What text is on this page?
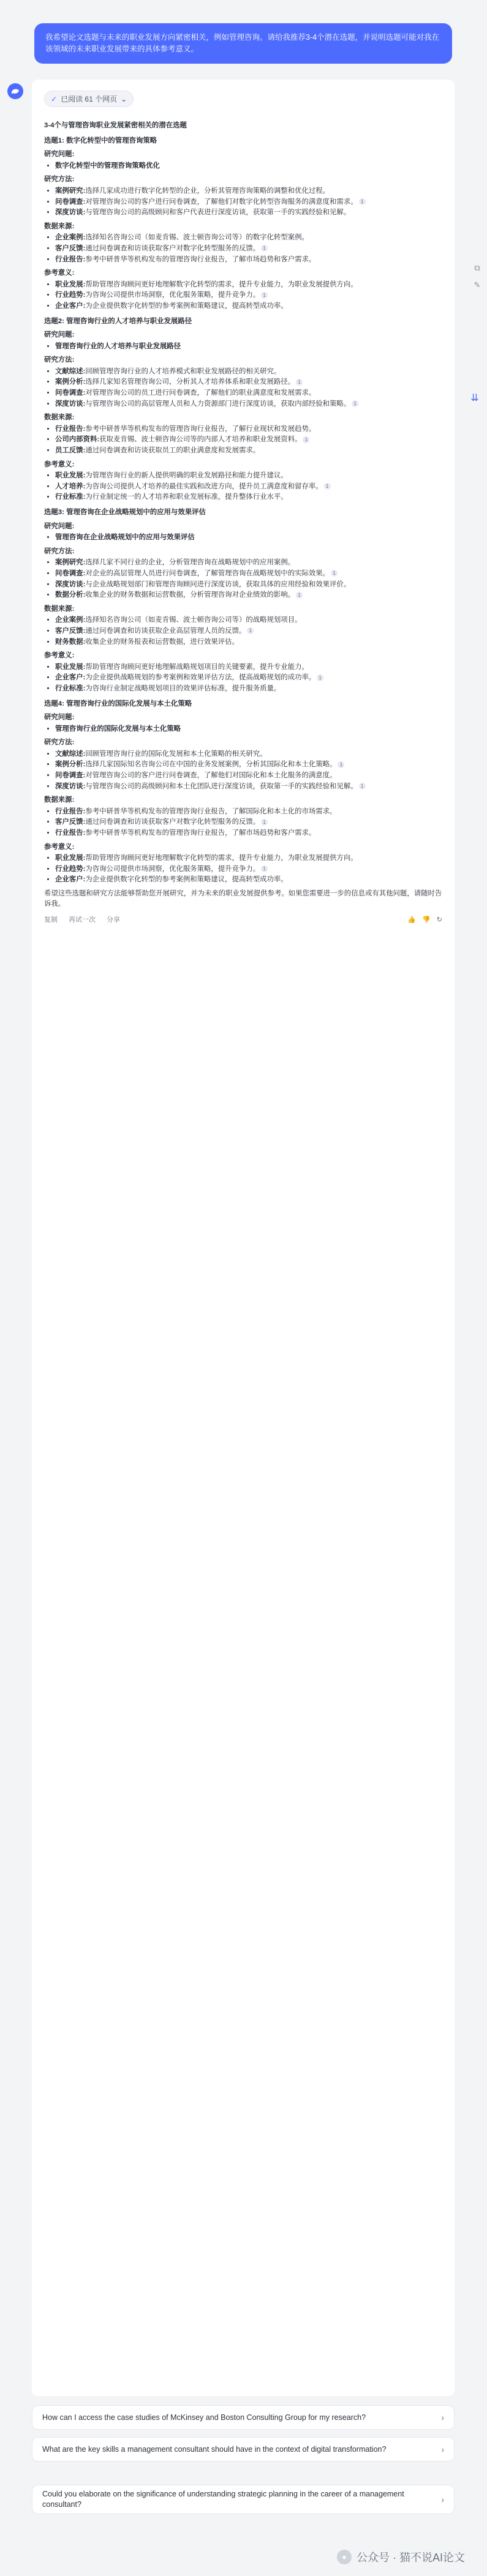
我希望论文选题与未来的职业发展方向紧密相关，例如管理咨询。请给我推荐3-4个潜在选题，并说明选题可能对我在该领域的未来职业发展带来的具体参考意义。
⧉
✎
⇊
✓ 已阅读 61 个网页 ⌄
3-4个与管理咨询职业发展紧密相关的潜在选题
选题1: 数字化转型中的管理咨询策略
研究问题:
• 数字化转型中的管理咨询策略优化
研究方法:
• 案例研究:选择几家成功进行数字化转型的企业，分析其管理咨询策略的调整和优化过程。
• 问卷调查:对管理咨询公司的客户进行问卷调查，了解他们对数字化转型咨询服务的满意度和需求。 1
• 深度访谈:与管理咨询公司的高级顾问和客户代表进行深度访谈，获取第一手的实践经验和见解。
数据来源:
• 企业案例:选择知名咨询公司（如麦肯锡、波士顿咨询公司等）的数字化转型案例。
• 客户反馈:通过问卷调查和访谈获取客户对数字化转型服务的反馈。 1
• 行业报告:参考中研普华等机构发布的管理咨询行业报告，了解市场趋势和客户需求。
参考意义:
• 职业发展:帮助管理咨询顾问更好地理解数字化转型的需求，提升专业能力，为职业发展提供方向。
• 行业趋势:为咨询公司提供市场洞察，优化服务策略，提升竞争力。 1
• 企业客户:为企业提供数字化转型的参考案例和策略建议，提高转型成功率。
选题2: 管理咨询行业的人才培养与职业发展路径
研究问题:
• 管理咨询行业的人才培养与职业发展路径
研究方法:
• 文献综述:回顾管理咨询行业的人才培养模式和职业发展路径的相关研究。
• 案例分析:选择几家知名管理咨询公司，分析其人才培养体系和职业发展路径。 1
• 问卷调查:对管理咨询公司的员工进行问卷调查，了解他们的职业满意度和发展需求。
• 深度访谈:与管理咨询公司的高层管理人员和人力资源部门进行深度访谈，获取内部经验和策略。 1
数据来源:
• 行业报告:参考中研普华等机构发布的管理咨询行业报告，了解行业现状和发展趋势。
• 公司内部资料:获取麦肯锡、波士顿咨询公司等的内部人才培养和职业发展资料。 1
• 员工反馈:通过问卷调查和访谈获取员工的职业满意度和发展需求。
参考意义:
• 职业发展:为管理咨询行业的新人提供明确的职业发展路径和能力提升建议。
• 人才培养:为咨询公司提供人才培养的最佳实践和改进方向，提升员工满意度和留存率。 1
• 行业标准:为行业制定统一的人才培养和职业发展标准，提升整体行业水平。
选题3: 管理咨询在企业战略规划中的应用与效果评估
研究问题:
• 管理咨询在企业战略规划中的应用与效果评估
研究方法:
• 案例研究:选择几家不同行业的企业，分析管理咨询在战略规划中的应用案例。
• 问卷调查:对企业的高层管理人员进行问卷调查，了解管理咨询在战略规划中的实际效果。 1
• 深度访谈:与企业战略规划部门和管理咨询顾问进行深度访谈，获取具体的应用经验和效果评价。
• 数据分析:收集企业的财务数据和运营数据，分析管理咨询对企业绩效的影响。 1
数据来源:
• 企业案例:选择知名咨询公司（如麦肯锡、波士顿咨询公司等）的战略规划项目。
• 客户反馈:通过问卷调查和访谈获取企业高层管理人员的反馈。 1
• 财务数据:收集企业的财务报表和运营数据，进行效果评估。
参考意义:
• 职业发展:帮助管理咨询顾问更好地理解战略规划项目的关键要素，提升专业能力。
• 企业客户:为企业提供战略规划的参考案例和效果评估方法，提高战略规划的成功率。 1
• 行业标准:为咨询行业制定战略规划项目的效果评估标准，提升服务质量。
选题4: 管理咨询行业的国际化发展与本土化策略
研究问题:
• 管理咨询行业的国际化发展与本土化策略
研究方法:
• 文献综述:回顾管理咨询行业的国际化发展和本土化策略的相关研究。
• 案例分析:选择几家国际知名咨询公司在中国的业务发展案例，分析其国际化和本土化策略。 1
• 问卷调查:对管理咨询公司的客户进行问卷调查，了解他们对国际化和本土化服务的满意度。
• 深度访谈:与管理咨询公司的高级顾问和本土化团队进行深度访谈，获取第一手的实践经验和见解。 1
数据来源:
• 行业报告:参考中研普华等机构发布的管理咨询行业报告，了解国际化和本土化的市场需求。
• 客户反馈:通过问卷调查和访谈获取客户对数字化转型服务的反馈。 1
• 行业报告:参考中研普华等机构发布的管理咨询行业报告，了解市场趋势和客户需求。
参考意义:
• 职业发展:帮助管理咨询顾问更好地理解数字化转型的需求，提升专业能力，为职业发展提供方向。
• 行业趋势:为咨询公司提供市场洞察，优化服务策略，提升竞争力。 1
• 企业客户:为企业提供数字化转型的参考案例和策略建议，提高转型成功率。
希望这些选题和研究方法能够帮助您开展研究，并为未来的职业发展提供参考。如果您需要进一步的信息或有其他问题，请随时告诉我。
复制 再试一次 分享	👍 👎 ↻
How can I access the case studies of McKinsey and Boston Consulting Group for my research?	›
What are the key skills a management consultant should have in the context of digital transformation?	›
Could you elaborate on the significance of understanding strategic planning in the career of a management consultant?	›
● 公众号 · 猫不说AI论文
